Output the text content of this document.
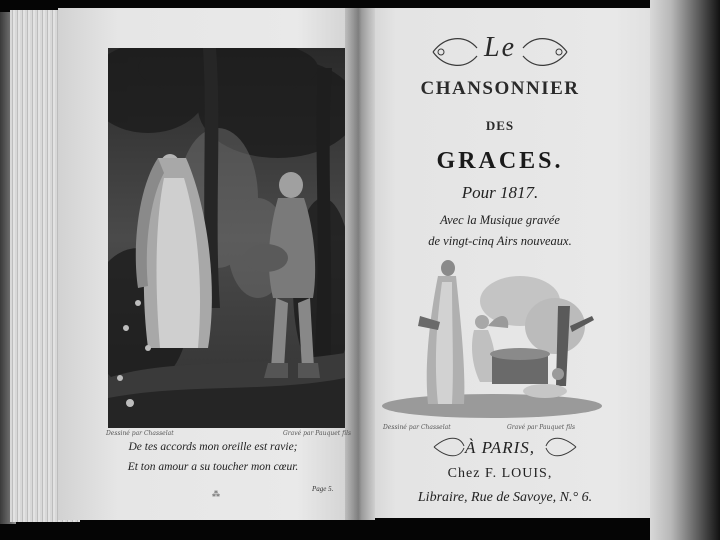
Dessiné par Chasselat	Gravé par Pauquet fils
De tes accords mon oreille est ravie;
Et ton amour a su toucher mon cœur.
Page 5.
⁂
Le
CHANSONNIER
DES
GRACES.
Pour 1817.
Avec la Musique gravée
de vingt-cinq Airs nouveaux.
Dessiné par Chasselat	Gravé par Pauquet fils
À PARIS,
Chez F. LOUIS,
Libraire, Rue de Savoye, N.° 6.
